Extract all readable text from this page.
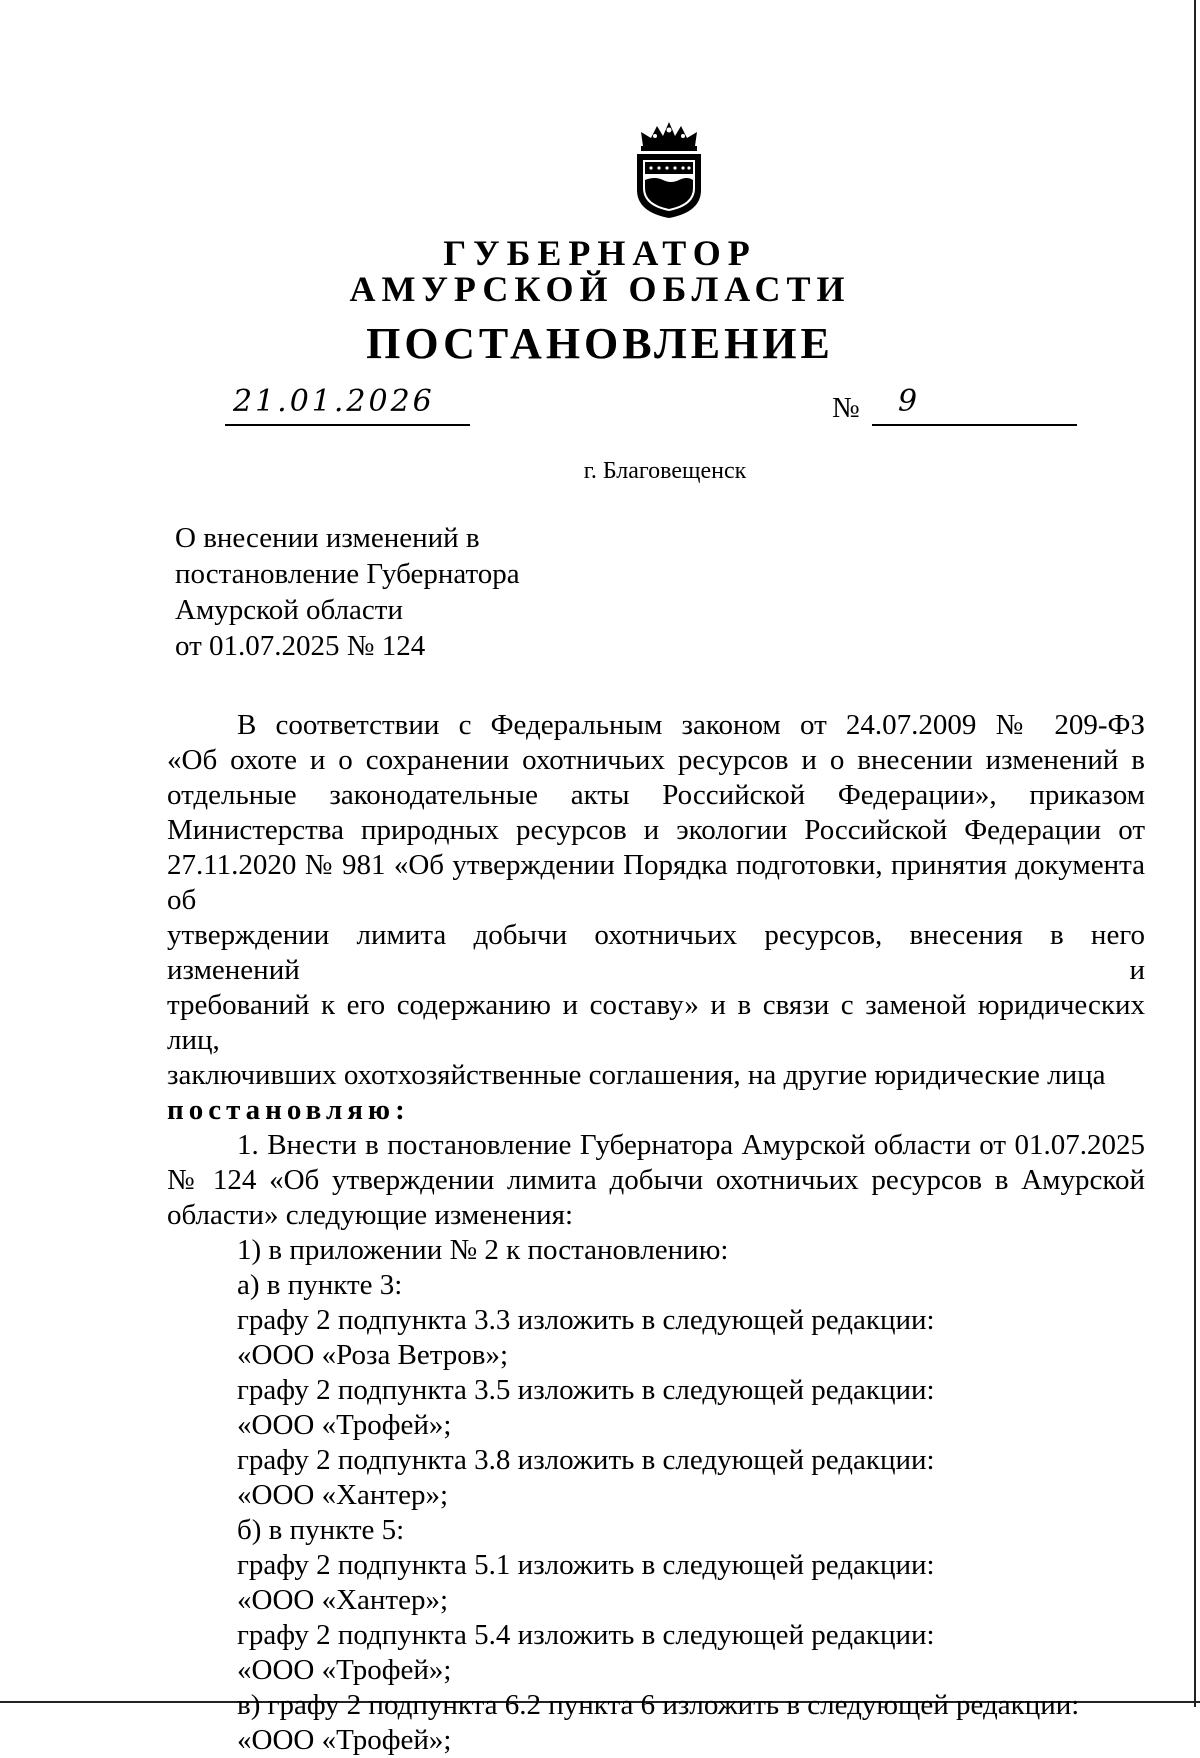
ГУБЕРНАТОР
АМУРСКОЙ ОБЛАСТИ
ПОСТАНОВЛЕНИЕ
21.01.2026	№ 9
г. Благовещенск
О внесении изменений в
постановление Губернатора
Амурской области
от 01.07.2025 № 124
В соответствии с Федеральным законом от 24.07.2009 № 209-ФЗ
«Об охоте и о сохранении охотничьих ресурсов и о внесении изменений в
отдельные законодательные акты Российской Федерации», приказом
Министерства природных ресурсов и экологии Российской Федерации от
27.11.2020 № 981 «Об утверждении Порядка подготовки, принятия документа об
утверждении лимита добычи охотничьих ресурсов, внесения в него изменений и
требований к его содержанию и составу» и в связи с заменой юридических лиц,
заключивших охотхозяйственные соглашения, на другие юридические лица
постановляю:
1. Внести в постановление Губернатора Амурской области от 01.07.2025
№ 124 «Об утверждении лимита добычи охотничьих ресурсов в Амурской
области» следующие изменения:
1) в приложении № 2 к постановлению:
а) в пункте 3:
графу 2 подпункта 3.3 изложить в следующей редакции:
«ООО «Роза Ветров»;
графу 2 подпункта 3.5 изложить в следующей редакции:
«ООО «Трофей»;
графу 2 подпункта 3.8 изложить в следующей редакции:
«ООО «Хантер»;
б) в пункте 5:
графу 2 подпункта 5.1 изложить в следующей редакции:
«ООО «Хантер»;
графу 2 подпункта 5.4 изложить в следующей редакции:
«ООО «Трофей»;
в) графу 2 подпункта 6.2 пункта 6 изложить в следующей редакции:
«ООО «Трофей»;
